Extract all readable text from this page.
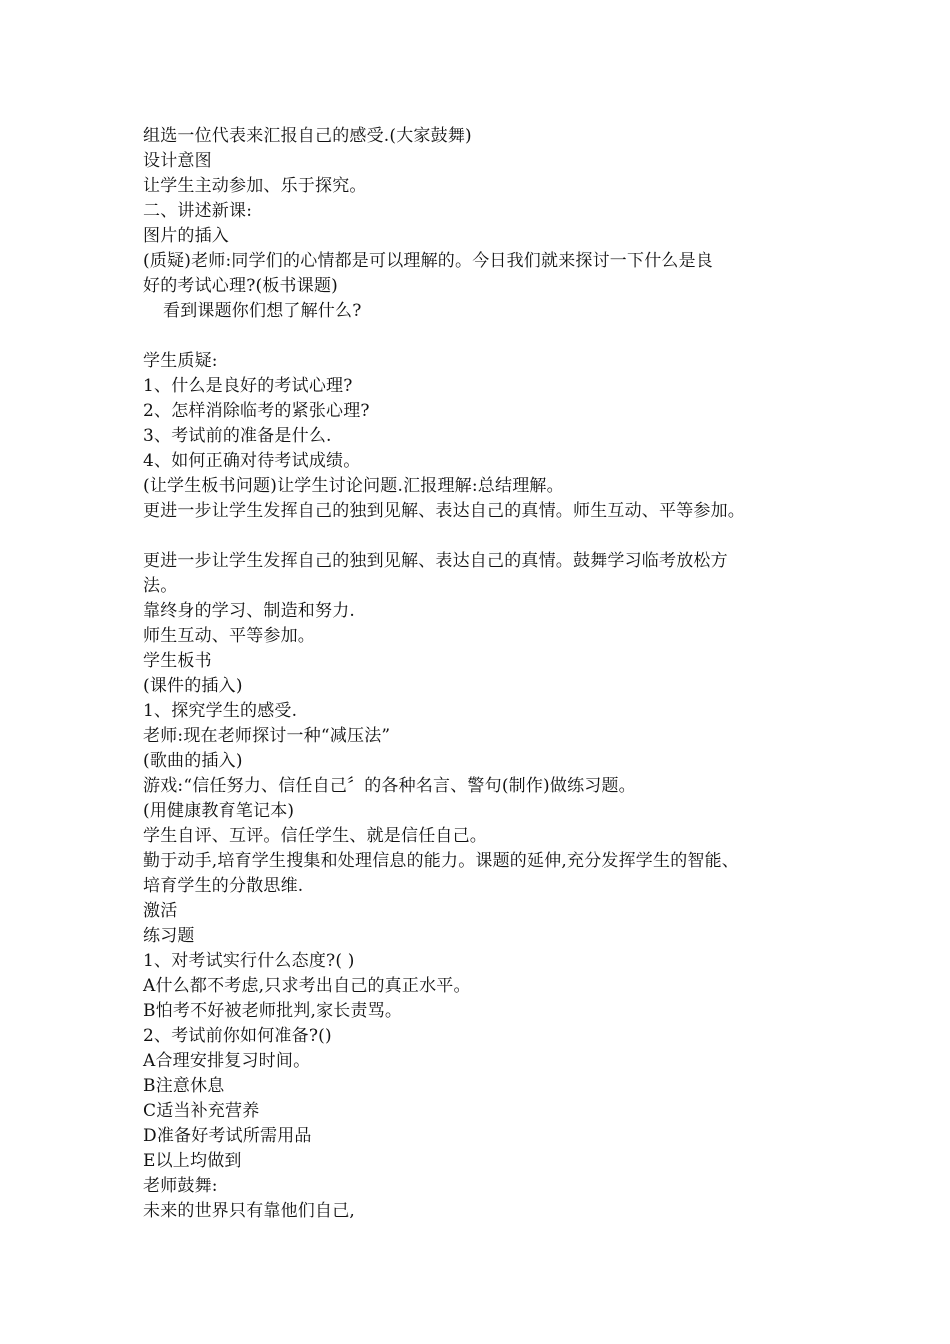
组选一位代表来汇报自己的感受.(大家鼓舞)
设计意图
让学生主动参加、乐于探究。
二、讲述新课:
图片的插入
(质疑)老师:同学们的心情都是可以理解的。今日我们就来探讨一下什么是良
好的考试心理?(板书课题)
看到课题你们想了解什么?
学生质疑:
1、什么是良好的考试心理?
2、怎样消除临考的紧张心理?
3、考试前的准备是什么.
4、如何正确对待考试成绩。
(让学生板书问题)让学生讨论问题.汇报理解:总结理解。
更进一步让学生发挥自己的独到见解、表达自己的真情。师生互动、平等参加。
更进一步让学生发挥自己的独到见解、表达自己的真情。鼓舞学习临考放松方
法。
靠终身的学习、制造和努力.
师生互动、平等参加。
学生板书
(课件的插入)
1、探究学生的感受.
老师:现在老师探讨一种“减压法”
(歌曲的插入)
游戏:“信任努力、信任自己〞的各种名言、警句(制作)做练习题。
(用健康教育笔记本)
学生自评、互评。信任学生、就是信任自己。
勤于动手,培育学生搜集和处理信息的能力。课题的延伸,充分发挥学生的智能、
培育学生的分散思维.
激活
练习题
1、对考试实行什么态度?( )
A什么都不考虑,只求考出自己的真正水平。
B怕考不好被老师批判,家长责骂。
2、考试前你如何准备?()
A合理安排复习时间。
B注意休息
C适当补充营养
D准备好考试所需用品
E以上均做到
老师鼓舞:
未来的世界只有靠他们自己,
